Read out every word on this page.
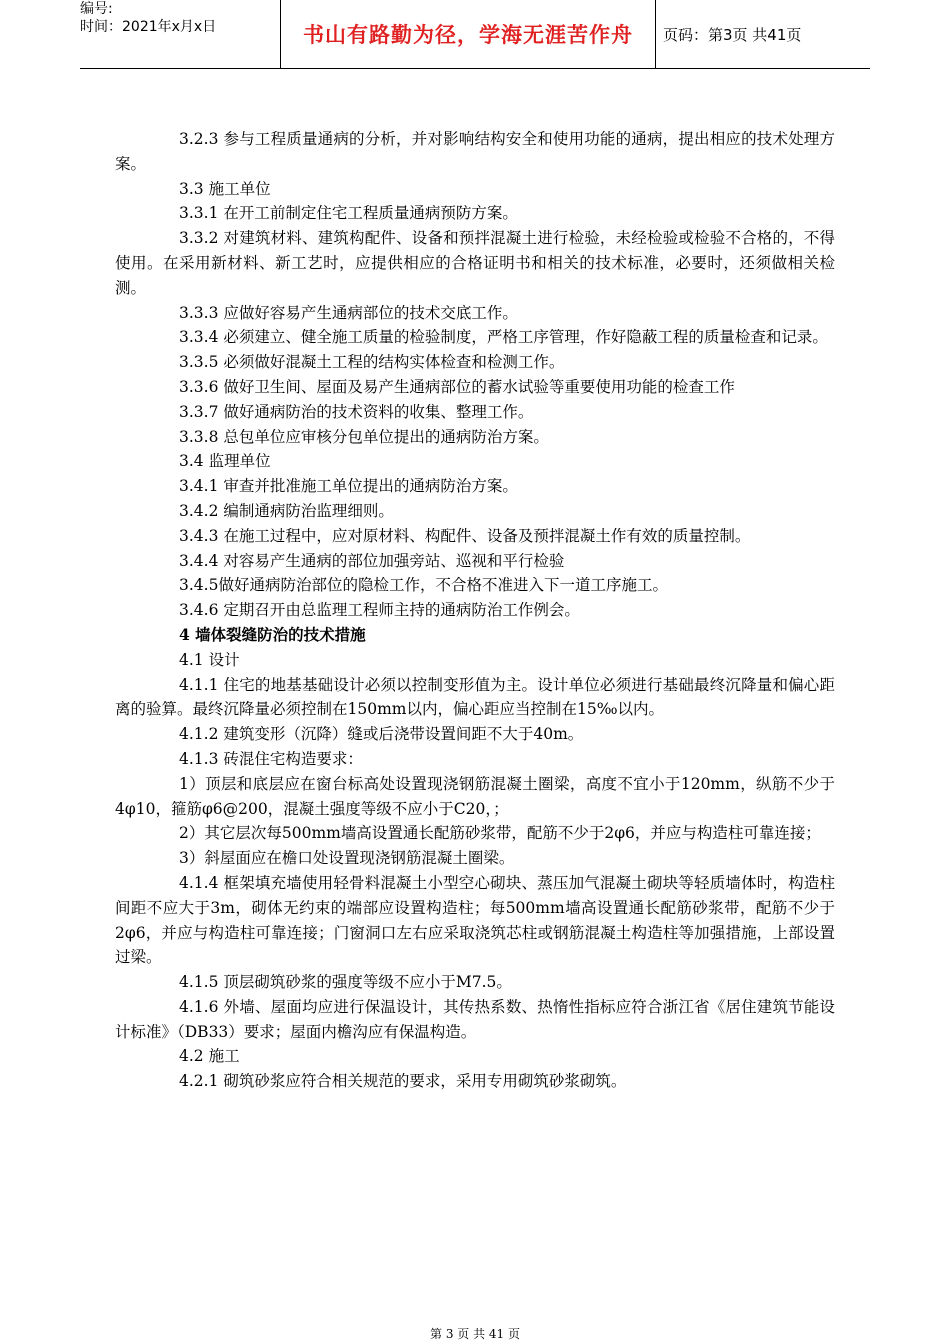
编号:
时间：2021年x月x日	书山有路勤为径，学海无涯苦作舟	页码：第3页 共41页

3.2.3 参与工程质量通病的分析，并对影响结构安全和使用功能的通病，提出相应的技术处理方案。

3.3 施工单位

3.3.1 在开工前制定住宅工程质量通病预防方案。

3.3.2 对建筑材料、建筑构配件、设备和预拌混凝土进行检验，未经检验或检验不合格的，不得使用。在采用新材料、新工艺时，应提供相应的合格证明书和相关的技术标准，必要时，还须做相关检测。

3.3.3 应做好容易产生通病部位的技术交底工作。

3.3.4 必须建立、健全施工质量的检验制度，严格工序管理，作好隐蔽工程的质量检查和记录。

3.3.5 必须做好混凝土工程的结构实体检查和检测工作。

3.3.6 做好卫生间、屋面及易产生通病部位的蓄水试验等重要使用功能的检查工作

3.3.7 做好通病防治的技术资料的收集、整理工作。

3.3.8 总包单位应审核分包单位提出的通病防治方案。

3.4 监理单位

3.4.1 审查并批准施工单位提出的通病防治方案。

3.4.2 编制通病防治监理细则。

3.4.3 在施工过程中，应对原材料、构配件、设备及预拌混凝土作有效的质量控制。

3.4.4 对容易产生通病的部位加强旁站、巡视和平行检验

3.4.5做好通病防治部位的隐检工作，不合格不准进入下一道工序施工。

3.4.6 定期召开由总监理工程师主持的通病防治工作例会。

4 墙体裂缝防治的技术措施

4.1 设计

4.1.1 住宅的地基基础设计必须以控制变形值为主。设计单位必须进行基础最终沉降量和偏心距离的验算。最终沉降量必须控制在150mm以内，偏心距应当控制在15‰以内。

4.1.2 建筑变形（沉降）缝或后浇带设置间距不大于40m。

4.1.3 砖混住宅构造要求：

1）顶层和底层应在窗台标高处设置现浇钢筋混凝土圈梁，高度不宜小于120mm，纵筋不少于4φ10，箍筋φ6@200，混凝土强度等级不应小于C20，；

2）其它层次每500mm墙高设置通长配筋砂浆带，配筋不少于2φ6，并应与构造柱可靠连接；

3）斜屋面应在檐口处设置现浇钢筋混凝土圈梁。

4.1.4 框架填充墙使用轻骨料混凝土小型空心砌块、蒸压加气混凝土砌块等轻质墙体时，构造柱间距不应大于3m，砌体无约束的端部应设置构造柱；每500mm墙高设置通长配筋砂浆带，配筋不少于2φ6，并应与构造柱可靠连接；门窗洞口左右应采取浇筑芯柱或钢筋混凝土构造柱等加强措施，上部设置过梁。

4.1.5 顶层砌筑砂浆的强度等级不应小于M7.5。

4.1.6 外墙、屋面均应进行保温设计，其传热系数、热惰性指标应符合浙江省《居住建筑节能设计标准》（DB33）要求；屋面内檐沟应有保温构造。

4.2 施工

4.2.1 砌筑砂浆应符合相关规范的要求，采用专用砌筑砂浆砌筑。

第 3 页 共 41 页
